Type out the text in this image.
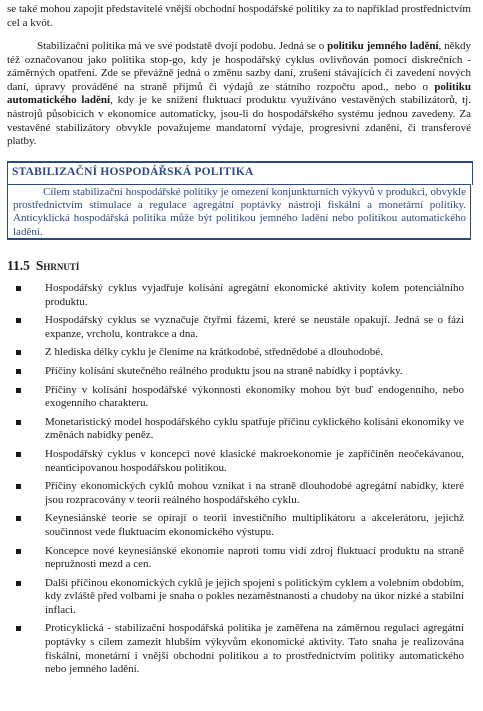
se také mohou zapojit představitelé vnější obchodní hospodářské politiky za to například prostřednictvím cel a kvót.

Stabilizační politika má ve své podstatě dvojí podobu. Jedná se o politiku jemného ladění, někdy též označovanou jako politika stop-go, kdy je hospodářský cyklus ovlivňován pomocí diskrečních - záměrných opatření. Zde se převážně jedná o změnu sazby daní, zrušení stávajících či zavedení nových daní, úpravy prováděné na straně příjmů či výdajů ze státního rozpočtu apod., nebo o politiku automatického ladění, kdy je ke snížení fluktuací produktu využíváno vestavěných stabilizátorů, tj. nástrojů působících v ekonomice automaticky, jsou-li do hospodářského systému jednou zavedeny. Za vestavěné stabilizátory obvykle považujeme mandatorní výdaje, progresivní zdanění, či transferové platby.

STABILIZAČNÍ HOSPODÁŘSKÁ POLITIKA

Cílem stabilizační hospodářské politiky je omezení konjunkturních výkyvů v produkci, obvykle prostřednictvím stimulace a regulace agregátní poptávky nástroji fiskální a monetární politiky. Anticyklická hospodářská politika může být politikou jemného ladění nebo politikou automatického ladění.

11.5 Shrnutí
Hospodářský cyklus vyjadřuje kolísání agregátní ekonomické aktivity kolem potenciálního produktu.
Hospodářský cyklus se vyznačuje čtyřmi fázemi, které se neustále opakují. Jedná se o fázi expanze, vrcholu, kontrakce a dna.
Z hlediska délky cyklu je členíme na krátkodobé, střednědobé a dlouhodobé.
Příčiny kolísání skutečného reálného produktu jsou na straně nabídky i poptávky.
Příčiny v kolísání hospodářské výkonnosti ekonomiky mohou být buď endogenního, nebo exogenního charakteru.
Monetaristický model hospodářského cyklu spatřuje příčinu cyklického kolísání ekonomiky ve změnách nabídky peněz.
Hospodářský cyklus v koncepci nové klasické makroekonomie je zapříčiněn neočekávanou, neanticipovanou hospodářskou politikou.
Příčiny ekonomických cyklů mohou vznikat i na straně dlouhodobé agregátní nabídky, které jsou rozpracovány v teorii reálného hospodářského cyklu.
Keynesiánské teorie se opírají o teorii investičního multiplikátoru a akcelerátoru, jejichž součinnost vede fluktuacím ekonomického výstupu.
Koncepce nové keynesiánské ekonomie naproti tomu vidí zdroj fluktuací produktu na straně nepružnosti mezd a cen.
Další příčinou ekonomických cyklů je jejich spojení s politickým cyklem a volebním obdobím, kdy zvláště před volbami je snaha o pokles nezaměstnanosti a chudoby na úkor nízké a stabilní inflaci.
Proticyklická - stabilizační hospodářská politika je zaměřena na záměrnou regulaci agregátní poptávky s cílem zamezit hlubším výkyvům ekonomické aktivity. Tato snaha je realizována fiskální, monetární i vnější obchodní politikou a to prostřednictvím politiky automatického nebo jemného ladění.
